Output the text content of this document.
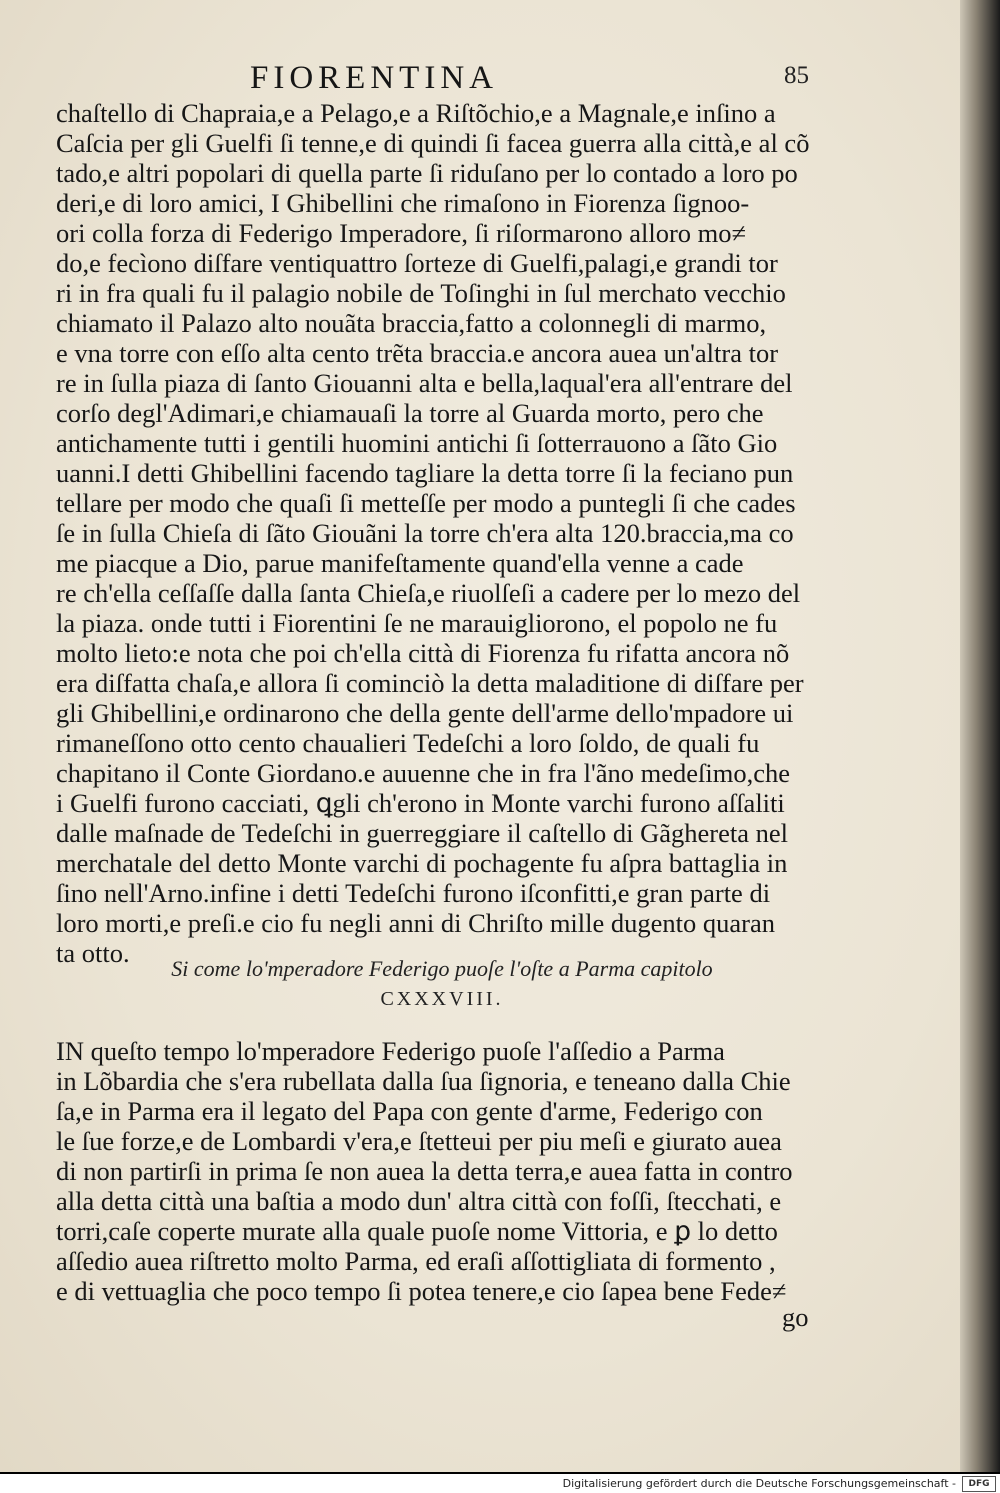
FIORENTINA	85
chaſtello di Chapraia,e a Pelago,e a Riſtõchio,e a Magnale,e inſino a
Caſcia per gli Guelfi ſi tenne,e di quindi ſi facea guerra alla città,e al cõ
tado,e altri popolari di quella parte ſi riduſano per lo contado a loro po
deri,e di loro amici, I Ghibellini che rimaſono in Fiorenza ſignoo-
ori colla forza di Federigo Imperadore, ſi riſormarono alloro mo≠
do,e fecìono diſfare ventiquattro ſorteze di Guelfi,palagi,e grandi tor
ri in fra quali fu il palagio nobile de Toſinghi in ſul merchato vecchio
chiamato il Palazo alto nouãta braccia,fatto a colonnegli di marmo,
e vna torre con eſſo alta cento trẽta braccia.e ancora auea un'altra tor
re in ſulla piaza di ſanto Giouanni alta e bella,laqual'era all'entrare del
corſo degl'Adimari,e chiamauaſi la torre al Guarda morto, pero che
antichamente tutti i gentili huomini antichi ſi ſotterrauono a ſãto Gio
uanni.I detti Ghibellini facendo tagliare la detta torre ſi la feciano pun
tellare per modo che quaſi ſi metteſſe per modo a puntegli ſi che cades
ſe in ſulla Chieſa di ſãto Giouãni la torre ch'era alta 120.braccia,ma co
me piacque a Dio, parue manifeſtamente quand'ella venne a cade
re ch'ella ceſſaſſe dalla ſanta Chieſa,e riuolſeſi a cadere per lo mezo del
la piaza. onde tutti i Fiorentini ſe ne marauigliorono, el popolo ne fu
molto lieto:e nota che poi ch'ella città di Fiorenza fu rifatta ancora nõ
era diſfatta chaſa,e allora ſi cominciò la detta maladitione di diſfare per
gli Ghibellini,e ordinarono che della gente dell'arme dello'mpadore ui
rimaneſſono otto cento chaualieri Tedeſchi a loro ſoldo, de quali fu
chapitano il Conte Giordano.e auuenne che in fra l'ãno medeſimo,che
i Guelfi furono cacciati, ꝗgli ch'erono in Monte varchi furono aſſaliti
dalle maſnade de Tedeſchi in guerreggiare il caſtello di Gãghereta nel
merchatale del detto Monte varchi di pochagente fu aſpra battaglia in
ſino nell'Arno.infine i detti Tedeſchi furono iſconfitti,e gran parte di
loro morti,e preſi.e cio fu negli anni di Chriſto mille dugento quaran
ta otto.
Si come lo'mperadore Federigo puoſe l'oſte a Parma capitolo
CXXXVIII.
IN queſto tempo lo'mperadore Federigo puoſe l'aſſedio a Parma
in Lõbardia che s'era rubellata dalla ſua ſignoria, e teneano dalla Chie
ſa,e in Parma era il legato del Papa con gente d'arme, Federigo con
le ſue forze,e de Lombardi v'era,e ſtetteui per piu meſi e giurato auea
di non partirſi in prima ſe non auea la detta terra,e auea fatta in contro
alla detta città una baſtia a modo dun' altra città con foſſi, ſtecchati, e
torri,caſe coperte murate alla quale puoſe nome Vittoria, e ꝑ lo detto
aſſedio auea riſtretto molto Parma, ed eraſi aſſottigliata di formento ,
e di vettuaglia che poco tempo ſi potea tenere,e cio ſapea bene Fede≠
go
Digitalisierung gefördert durch die Deutsche Forschungsgemeinschaft -	DFG
